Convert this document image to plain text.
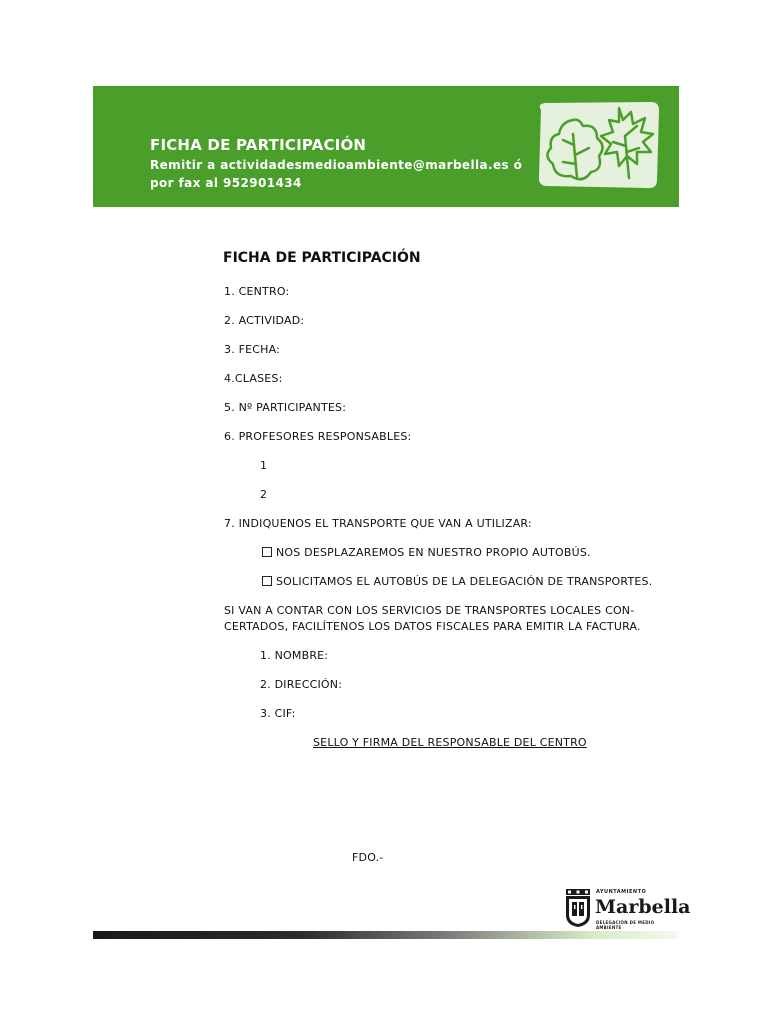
FICHA DE PARTICIPACIÓN
Remitir a actividadesmedioambiente@marbella.es ó
por fax al 952901434
FICHA DE PARTICIPACIÓN
1. CENTRO:
2. ACTIVIDAD:
3. FECHA:
4.CLASES:
5. Nº PARTICIPANTES:
6. PROFESORES RESPONSABLES:
1
2
7. INDIQUENOS EL TRANSPORTE QUE VAN A UTILIZAR:
NOS DESPLAZAREMOS EN NUESTRO PROPIO AUTOBÚS.
SOLICITAMOS EL AUTOBÚS DE LA DELEGACIÓN DE TRANSPORTES.
SI VAN A CONTAR CON LOS SERVICIOS DE TRANSPORTES LOCALES CON-
CERTADOS, FACILÍTENOS LOS DATOS FISCALES PARA EMITIR LA FACTURA.
1. NOMBRE:
2. DIRECCIÓN:
3. CIF:
SELLO Y FIRMA DEL RESPONSABLE DEL CENTRO
FDO.-
AYUNTAMIENTO
Marbella
DELEGACIÓN DE MEDIO AMBIENTE
